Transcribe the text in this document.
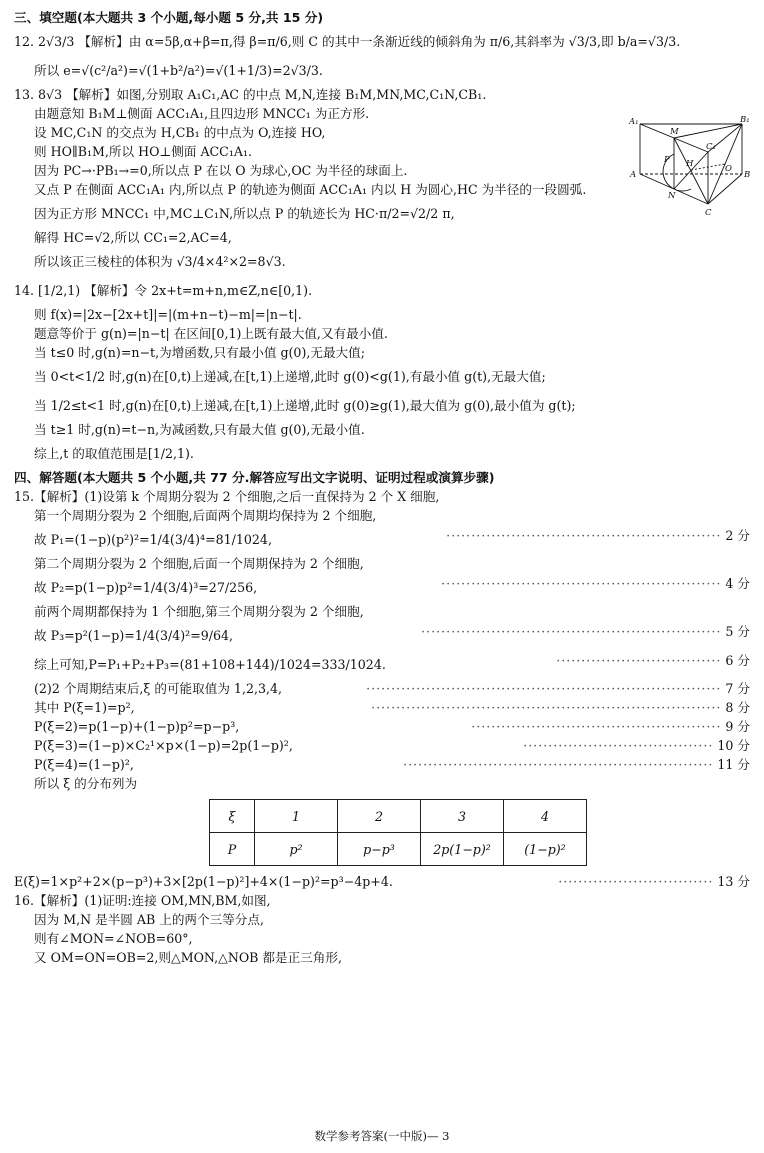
三、填空题(本大题共 3 个小题,每小题 5 分,共 15 分)
12. 2√3/3 【解析】由 α=5β,α+β=π,得 β=π/6,则 C 的其中一条渐近线的倾斜角为 π/6,其斜率为 √3/3,即 b/a=√3/3.
所以 e=√(c²/a²)=√(1+b²/a²)=√(1+1/3)=2√3/3.
13. 8√3 【解析】如图,分别取 A₁C₁,AC 的中点 M,N,连接 B₁M,MN,MC,C₁N,CB₁.
由题意知 B₁M⊥侧面 ACC₁A₁,且四边形 MNCC₁ 为正方形.
设 MC,C₁N 的交点为 H,CB₁ 的中点为 O,连接 HO,
则 HO∥B₁M,所以 HO⊥侧面 ACC₁A₁.
因为 PC→·PB₁→=0,所以点 P 在以 O 为球心,OC 为半径的球面上.
又点 P 在侧面 ACC₁A₁ 内,所以点 P 的轨迹为侧面 ACC₁A₁ 内以 H 为圆心,HC 为半径的一段圆弧.
因为正方形 MNCC₁ 中,MC⊥C₁N,所以点 P 的轨迹长为 HC·π/2=√2/2 π,
解得 HC=√2,所以 CC₁=2,AC=4,
所以该正三棱柱的体积为 √3/4×4²×2=8√3.
14. [1/2,1) 【解析】令 2x+t=m+n,m∈Z,n∈[0,1).
则 f(x)=|2x−[2x+t]|=|(m+n−t)−m|=|n−t|.
题意等价于 g(n)=|n−t| 在区间[0,1)上既有最大值,又有最小值.
当 t≤0 时,g(n)=n−t,为增函数,只有最小值 g(0),无最大值;
当 0<t<1/2 时,g(n)在[0,t)上递减,在[t,1)上递增,此时 g(0)<g(1),有最小值 g(t),无最大值;
当 1/2≤t<1 时,g(n)在[0,t)上递减,在[t,1)上递增,此时 g(0)≥g(1),最大值为 g(0),最小值为 g(t);
当 t≥1 时,g(n)=t−n,为减函数,只有最大值 g(0),无最小值.
综上,t 的取值范围是[1/2,1).
四、解答题(本大题共 5 个小题,共 77 分.解答应写出文字说明、证明过程或演算步骤)
15.【解析】(1)设第 k 个周期分裂为 2 个细胞,之后一直保持为 2 个 X 细胞,
第一个周期分裂为 2 个细胞,后面两个周期均保持为 2 个细胞,
故 P₁=(1−p)(p²)²=1/4(3/4)⁴=81/1024,	······················································· 2 分
第二个周期分裂为 2 个细胞,后面一个周期保持为 2 个细胞,
故 P₂=p(1−p)p²=1/4(3/4)³=27/256,	························································ 4 分
前两个周期都保持为 1 个细胞,第三个周期分裂为 2 个细胞,
故 P₃=p²(1−p)=1/4(3/4)²=9/64,	···························································· 5 分
综上可知,P=P₁+P₂+P₃=(81+108+144)/1024=333/1024.	································· 6 分
(2)2 个周期结束后,ξ 的可能取值为 1,2,3,4,	······································································· 7 分
其中 P(ξ=1)=p²,	······································································ 8 分
P(ξ=2)=p(1−p)+(1−p)p²=p−p³,	·················································· 9 分
P(ξ=3)=(1−p)×C₂¹×p×(1−p)=2p(1−p)²,	······································ 10 分
P(ξ=4)=(1−p)²,	······························································ 11 分
所以 ξ 的分布列为
ξ	1	2	3	4
P	p²	p−p³	2p(1−p)²	(1−p)²
E(ξ)=1×p²+2×(p−p³)+3×[2p(1−p)²]+4×(1−p)²=p³−4p+4.	······························· 13 分
16.【解析】(1)证明:连接 OM,MN,BM,如图,
因为 M,N 是半圆 AB 上的两个三等分点,
则有∠MON=∠NOB=60°,
又 OM=ON=OB=2,则△MON,△NOB 都是正三角形,
A₁
M
C₁
B₁
P H	O
A
N
B
C
数学参考答案(一中版)— 3
